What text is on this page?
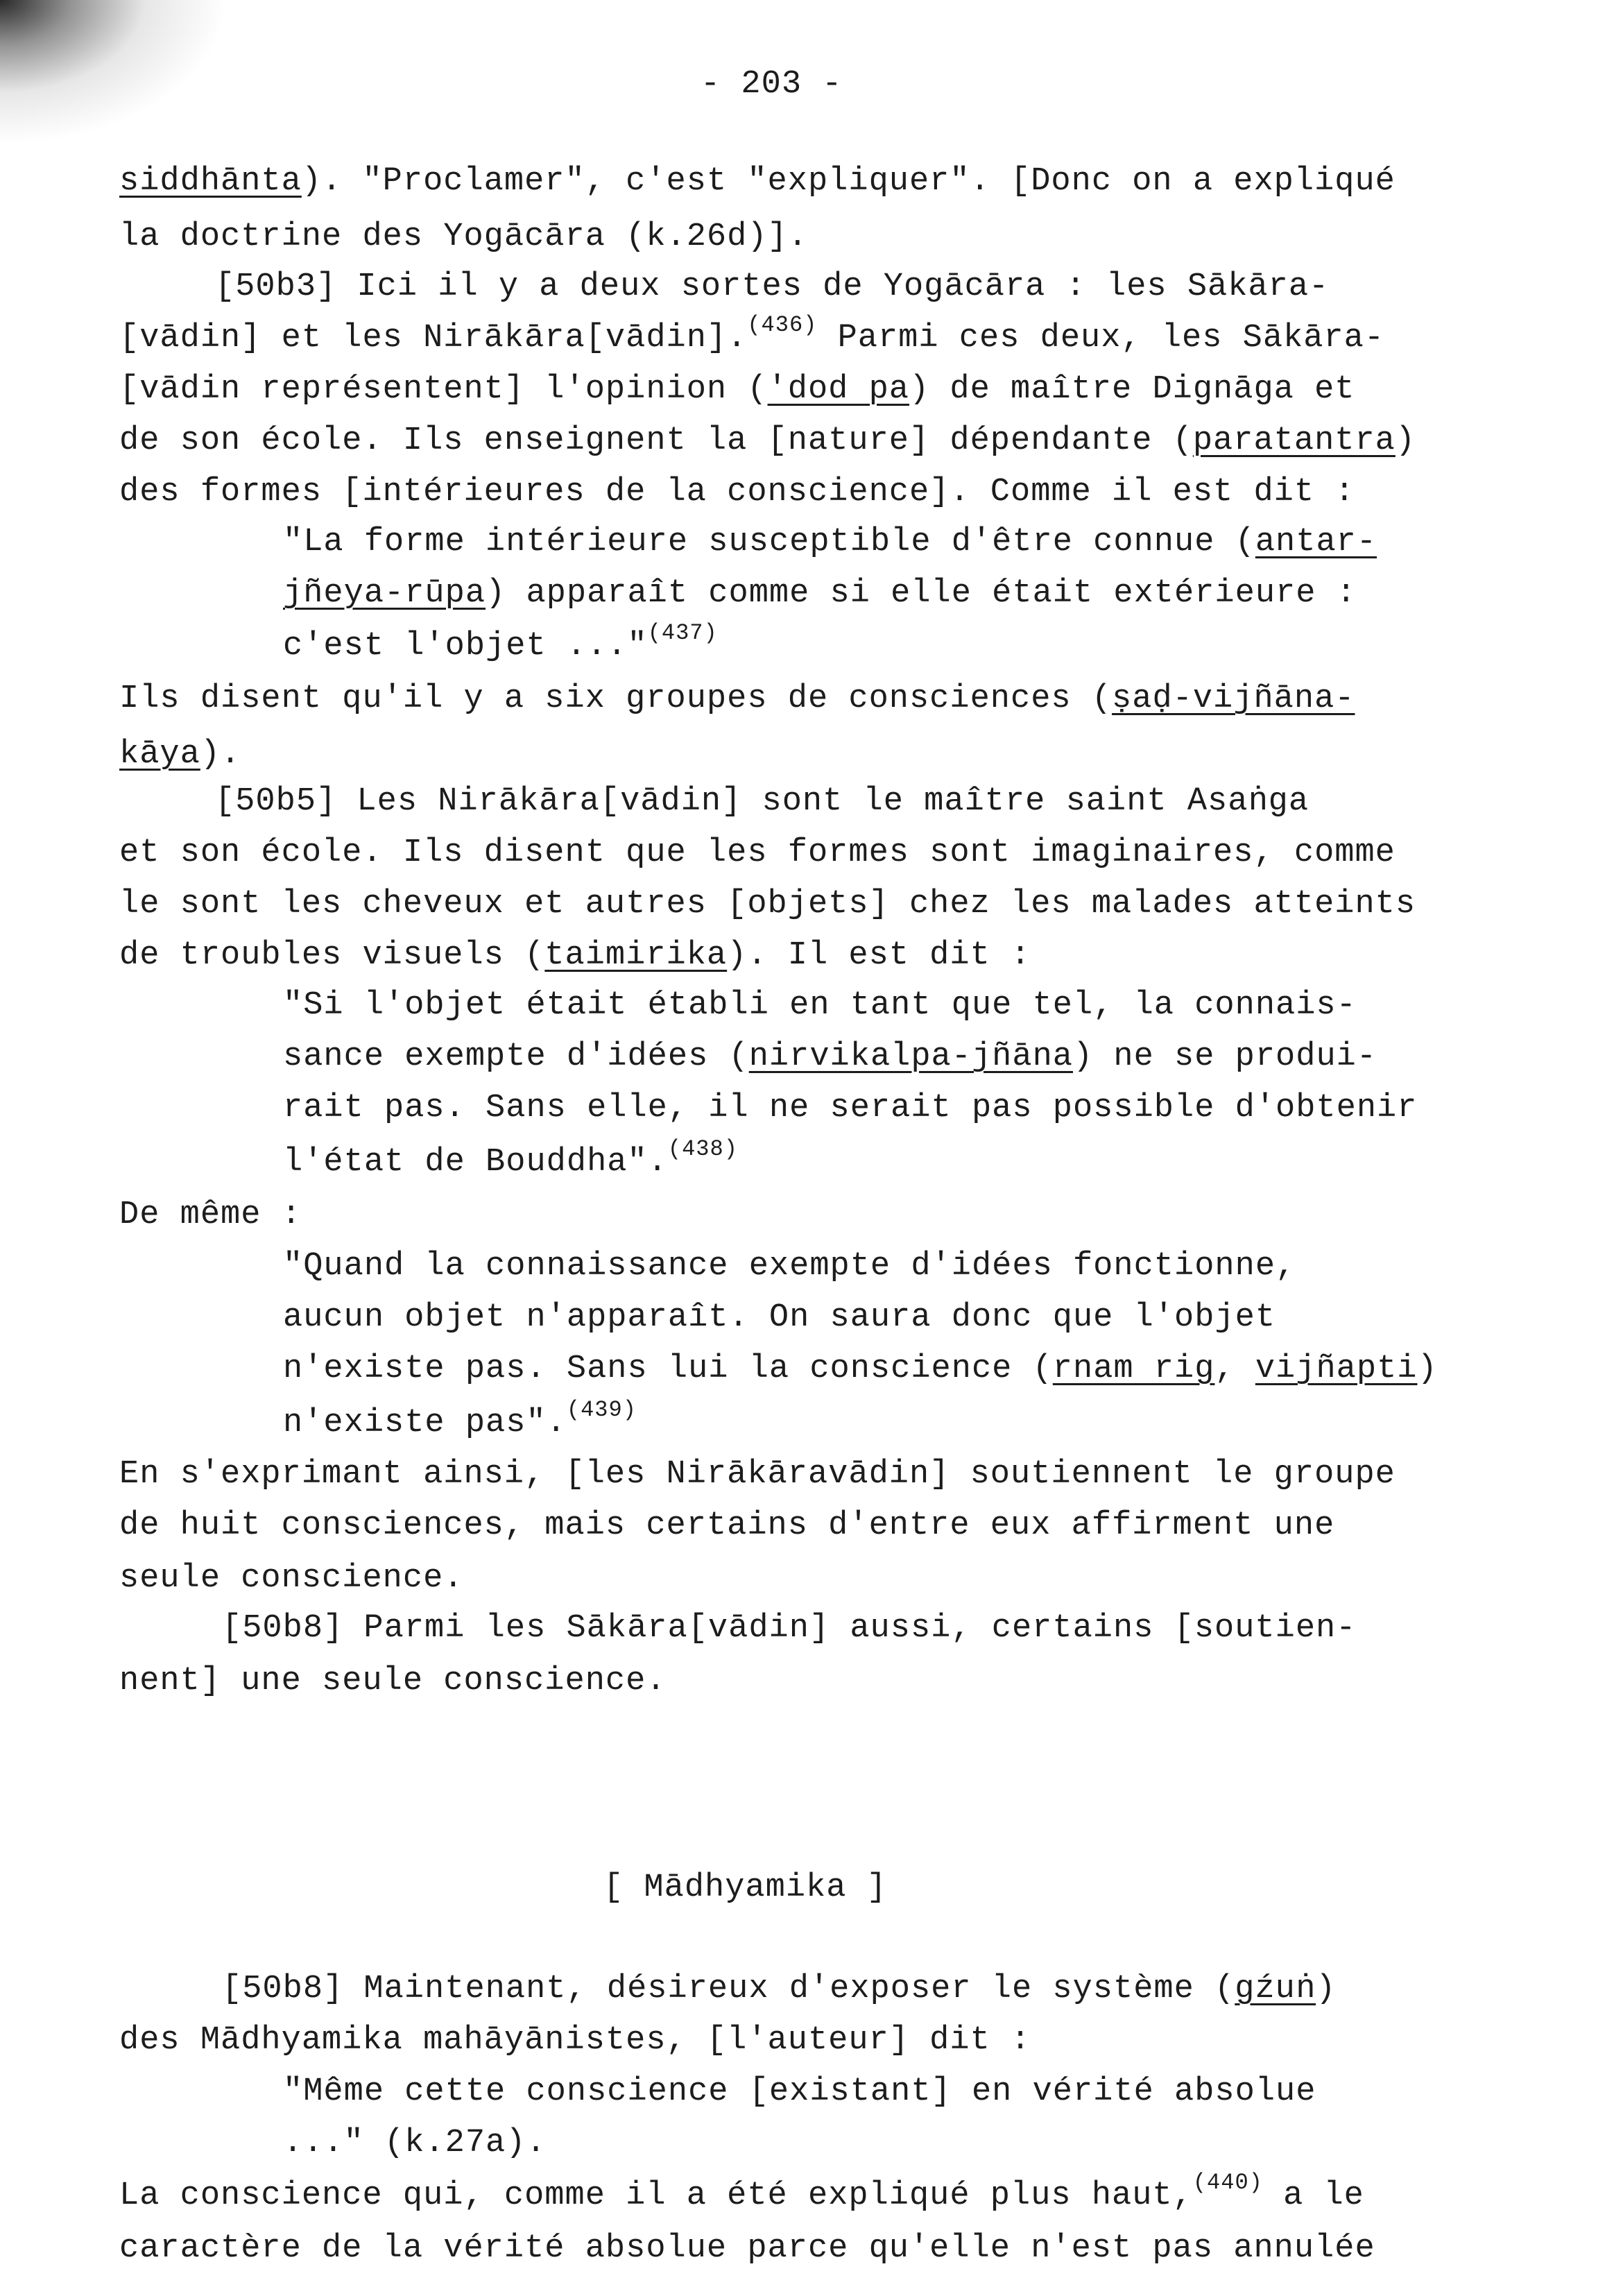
- 203 -
siddhānta). "Proclamer", c'est "expliquer". [Donc on a expliqué
la doctrine des Yogācāra (k.26d)].
[50b3] Ici il y a deux sortes de Yogācāra : les Sākāra-
[vādin] et les Nirākāra[vādin].$^{(436)}$ Parmi ces deux, les Sākāra-
[vādin représentent] l'opinion ('dod pa) de maître Dignāga et
de son école. Ils enseignent la [nature] dépendante (paratantra)
des formes [intérieures de la conscience]. Comme il est dit :
"La forme intérieure susceptible d'être connue (antar-
jñeya-rūpa) apparaît comme si elle était extérieure :
c'est l'objet ..."$^{(437)}$
Ils disent qu'il y a six groupes de consciences (ṣaḍ-vijñāna-
kāya).
[50b5] Les Nirākāra[vādin] sont le maître saint Asaṅga
et son école. Ils disent que les formes sont imaginaires, comme
le sont les cheveux et autres [objets] chez les malades atteints
de troubles visuels (taimirika). Il est dit :
"Si l'objet était établi en tant que tel, la connais-
sance exempte d'idées (nirvikalpa-jñāna) ne se produi-
rait pas. Sans elle, il ne serait pas possible d'obtenir
l'état de Bouddha".$^{(438)}$
De même :
"Quand la connaissance exempte d'idées fonctionne,
aucun objet n'apparaît. On saura donc que l'objet
n'existe pas. Sans lui la conscience (rnam rig, vijñapti)
n'existe pas".$^{(439)}$
En s'exprimant ainsi, [les Nirākāravādin] soutiennent le groupe
de huit consciences, mais certains d'entre eux affirment une
seule conscience.
[50b8] Parmi les Sākāra[vādin] aussi, certains [soutien-
nent] une seule conscience.
[ Mādhyamika ]
[50b8] Maintenant, désireux d'exposer le système (gźuṅ)
des Mādhyamika mahāyānistes, [l'auteur] dit :
"Même cette conscience [existant] en vérité absolue
..." (k.27a).
La conscience qui, comme il a été expliqué plus haut,$^{(440)}$ a le
caractère de la vérité absolue parce qu'elle n'est pas annulée
